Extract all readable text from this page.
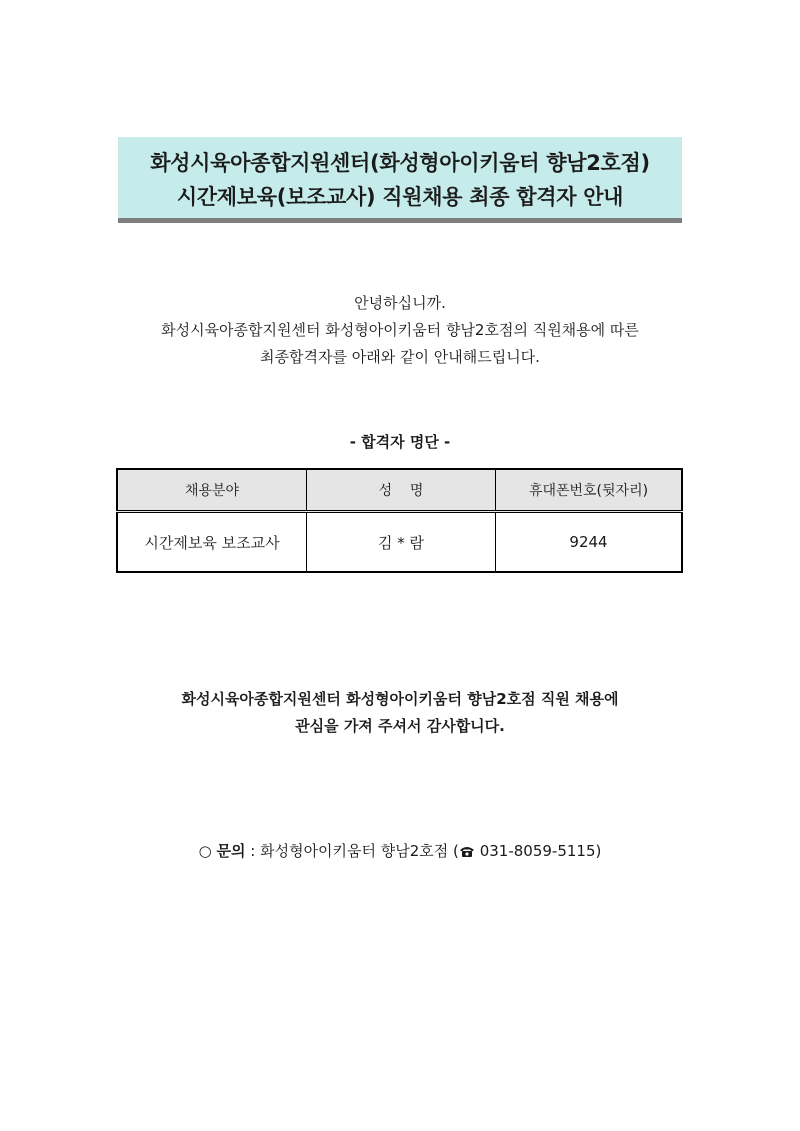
화성시육아종합지원센터(화성형아이키움터 향남2호점)
시간제보육(보조교사) 직원채용 최종 합격자 안내
안녕하십니까.
화성시육아종합지원센터 화성형아이키움터 향남2호점의 직원채용에 따른
최종합격자를 아래와 같이 안내해드립니다.
- 합격자 명단 -
채용분야	성    명	휴대폰번호(뒷자리)
시간제보육 보조교사	김 * 람	9244
화성시육아종합지원센터 화성형아이키움터 향남2호점 직원 채용에
관심을 가져 주셔서 감사합니다.
○ 문의 : 화성형아이키움터 향남2호점 ( 031-8059-5115)
